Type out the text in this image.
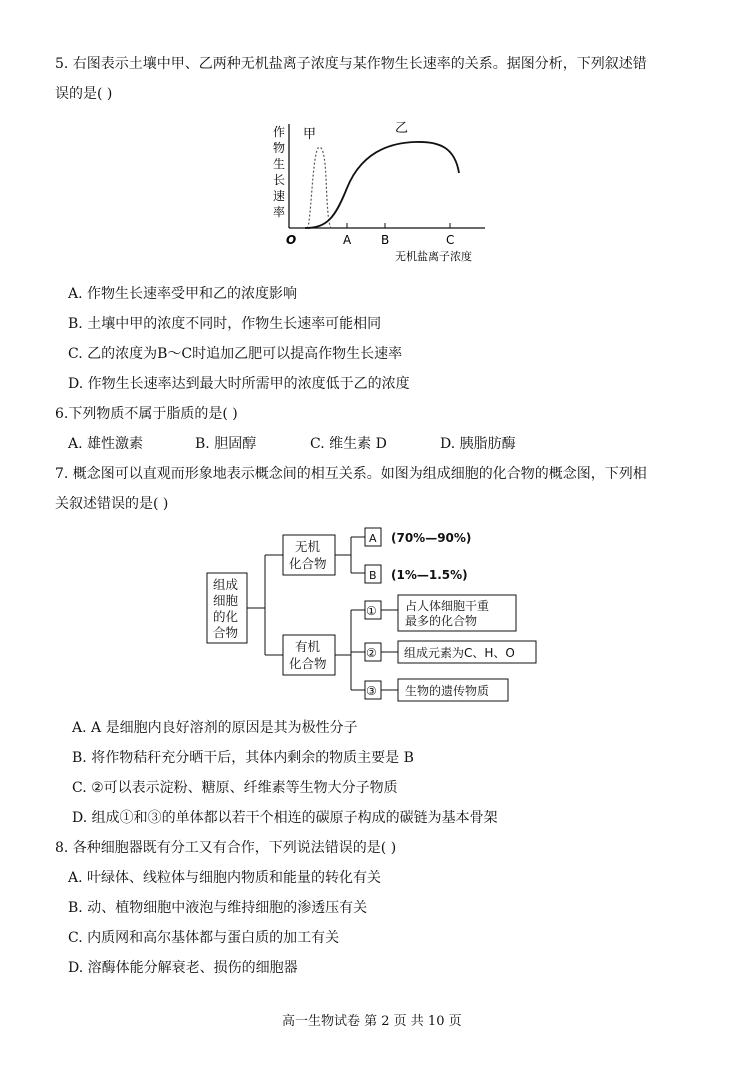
5. 右图表示土壤中甲、乙两种无机盐离子浓度与某作物生长速率的关系。据图分析，下列叙述错
误的是( )
作
物
生
长
速
率
O	A B	C
无机盐离子浓度
甲	乙
A. 作物生长速率受甲和乙的浓度影响
B. 土壤中甲的浓度不同时，作物生长速率可能相同
C. 乙的浓度为B～C时追加乙肥可以提高作物生长速率
D. 作物生长速率达到最大时所需甲的浓度低于乙的浓度
6.下列物质不属于脂质的是( )
A. 雄性激素	B. 胆固醇	C. 维生素 D	D. 胰脂肪酶
7. 概念图可以直观而形象地表示概念间的相互关系。如图为组成细胞的化合物的概念图，下列相
关叙述错误的是( )
组成
细胞
的化
合物
无机
化合物
有机
化合物
A
B
(70%—90%)
(1%—1.5%)
①
②
③
占人体细胞干重
最多的化合物
组成元素为C、H、O
生物的遗传物质
A. A 是细胞内良好溶剂的原因是其为极性分子
B. 将作物秸秆充分晒干后，其体内剩余的物质主要是 B
C. ②可以表示淀粉、糖原、纤维素等生物大分子物质
D. 组成①和③的单体都以若干个相连的碳原子构成的碳链为基本骨架
8. 各种细胞器既有分工又有合作，下列说法错误的是( )
A. 叶绿体、线粒体与细胞内物质和能量的转化有关
B. 动、植物细胞中液泡与维持细胞的渗透压有关
C. 内质网和高尔基体都与蛋白质的加工有关
D. 溶酶体能分解衰老、损伤的细胞器
高一生物试卷 第 2 页 共 10 页
